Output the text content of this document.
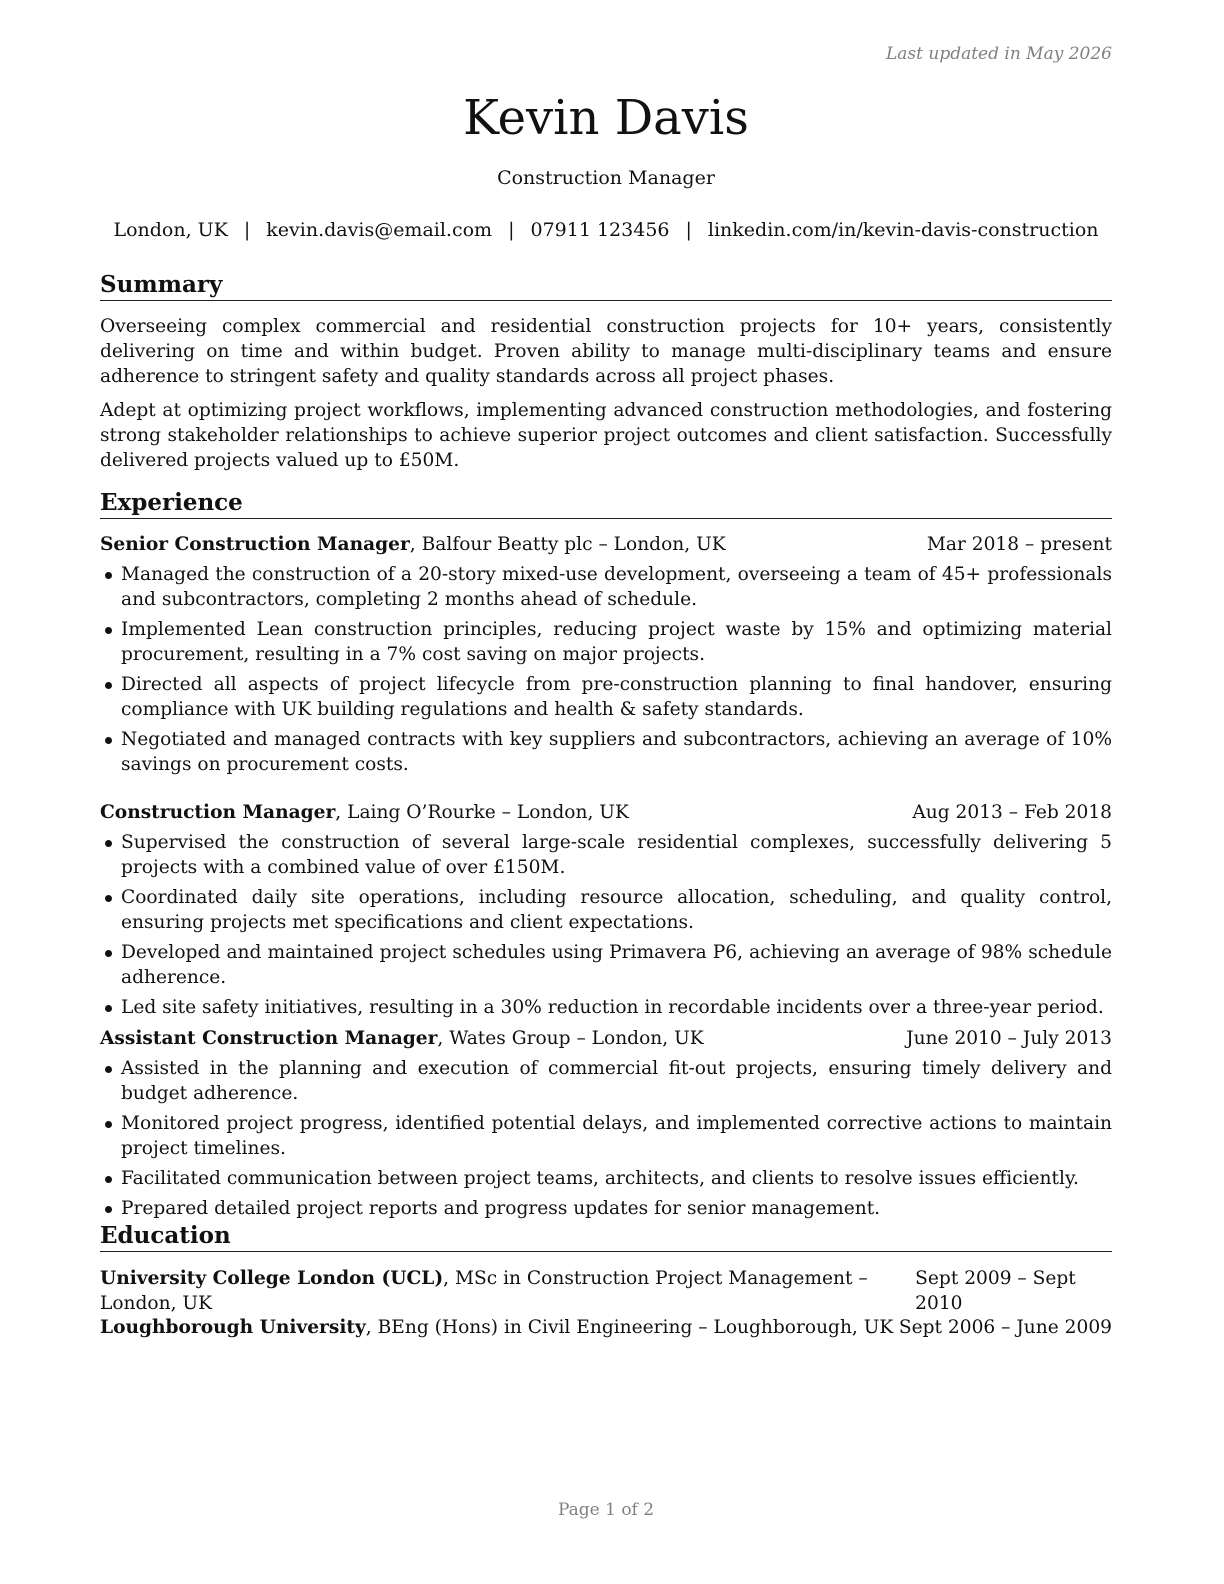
Last updated in May 2026
Kevin Davis
Construction Manager
London, UK | kevin.davis@email.com | 07911 123456 | linkedin.com/in/kevin-davis-construction
Summary

Overseeing complex commercial and residential construction projects for 10+ years, consistently delivering on time and within budget. Proven ability to manage multi-disciplinary teams and ensure adherence to stringent safety and quality standards across all project phases.

Adept at optimizing project workflows, implementing advanced construction methodologies, and fostering strong stakeholder relationships to achieve superior project outcomes and client satisfaction. Successfully delivered projects valued up to £50M.

Experience
Senior Construction Manager, Balfour Beatty plc – London, UK	Mar 2018 – present
Managed the construction of a 20-story mixed-use development, overseeing a team of 45+ professionals and subcontractors, completing 2 months ahead of schedule.
Implemented Lean construction principles, reducing project waste by 15% and optimizing material procurement, resulting in a 7% cost saving on major projects.
Directed all aspects of project lifecycle from pre-construction planning to final handover, ensuring compliance with UK building regulations and health & safety standards.
Negotiated and managed contracts with key suppliers and subcontractors, achieving an average of 10% savings on procurement costs.
Construction Manager, Laing O’Rourke – London, UK	Aug 2013 – Feb 2018
Supervised the construction of several large-scale residential complexes, successfully delivering 5 projects with a combined value of over £150M.
Coordinated daily site operations, including resource allocation, scheduling, and quality control, ensuring projects met specifications and client expectations.
Developed and maintained project schedules using Primavera P6, achieving an average of 98% schedule adherence.
Led site safety initiatives, resulting in a 30% reduction in recordable incidents over a three-year period.
Assistant Construction Manager, Wates Group – London, UK	June 2010 – July 2013
Assisted in the planning and execution of commercial fit-out projects, ensuring timely delivery and budget adherence.
Monitored project progress, identified potential delays, and implemented corrective actions to maintain project timelines.
Facilitated communication between project teams, architects, and clients to resolve issues efficiently.
Prepared detailed project reports and progress updates for senior management.
Education
University College London (UCL), MSc in Construction Project Management – London, UK
Sept 2009 – Sept 2010
Loughborough University, BEng (Hons) in Civil Engineering – Loughborough, UK Sept 2006 – June 2009
Page 1 of 2
